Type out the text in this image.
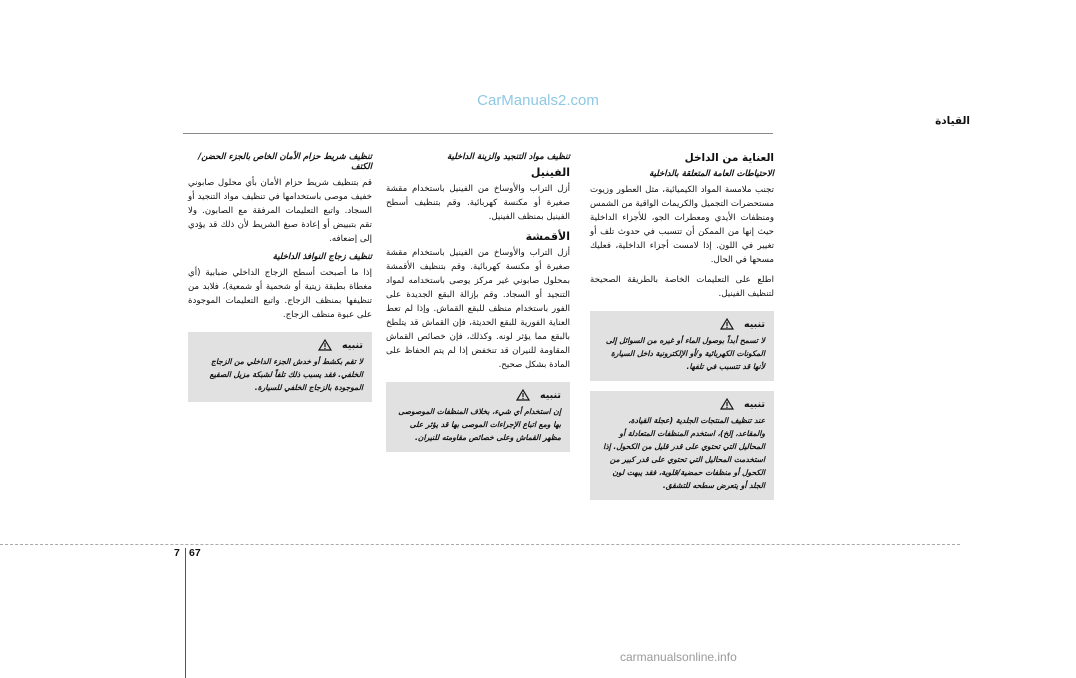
CarManuals2.com
القيادة
العناية من الداخل
الاحتياطات العامة المتعلقة بالداخلية

تجنب ملامسة المواد الكيميائية، مثل العطور وزيوت مستحضرات التجميل والكريمات الواقية من الشمس ومنظفات الأيدي ومعطرات الجو، للأجزاء الداخلية حيث إنها من الممكن أن تتسبب في حدوث تلف أو تغيير في اللون. إذا لامست أجزاء الداخلية، فعليك مسحها في الحال.

اطلع على التعليمات الخاصة بالطريقة الصحيحة لتنظيف الفينيل.

تنبيه
لا تسمح أبداً بوصول الماء أو غيره من السوائل إلى المكونات الكهربائية و/أو الإلكترونية داخل السيارة لأنها قد تتسبب في تلفها.
تنبيه
عند تنظيف المنتجات الجلدية (عجلة القيادة، والمقاعد، إلخ)، استخدم المنظفات المتعادلة أو المحاليل التي تحتوي على قدر قليل من الكحول. إذا استخدمت المحاليل التي تحتوي على قدر كبير من الكحول أو منظفات حمضية/قلوية، فقد يبهت لون الجلد أو يتعرض سطحه للتشقق.
تنظيف مواد التنجيد والزينة الداخلية
الفينيل

أزل التراب والأوساخ من الفينيل باستخدام مقشة صغيرة أو مكنسة كهربائية. وقم بتنظيف أسطح الفينيل بمنظف الفينيل.

الأقمشة

أزل التراب والأوساخ من الفينيل باستخدام مقشة صغيرة أو مكنسة كهربائية. وقم بتنظيف الأقمشة بمحلول صابوني غير مركز يوصى باستخدامه لمواد التنجيد أو السجاد. وقم بإزالة البقع الجديدة على الفور باستخدام منظف للبقع القماش. وإذا لم تعط العناية الفورية للبقع الحديثة، فإن القماش قد يتلطخ بالبقع مما يؤثر لونه. وكذلك، فإن خصائص القماش المقاومة للنيران قد تنخفض إذا لم يتم الحفاظ على المادة بشكل صحيح.

تنبيه
إن استخدام أي شيء، بخلاف المنظفات الموصوصى بها ومع اتباع الإجراءات الموصى بها قد يؤثر على مظهر القماش وعلى خصائص مقاومته للنيران.
تنظيف شريط حزام الأمان الخاص بالجزء الحضن/الكتف

قم بتنظيف شريط حزام الأمان بأي محلول صابوني خفيف موصى باستخدامها في تنظيف مواد التنجيد أو السجاد. واتبع التعليمات المرفقة مع الصابون. ولا تقم بتبييض أو إعادة صبغ الشريط لأن ذلك قد يؤدي إلى إضعافه.

تنظيف زجاج النوافذ الداخلية

إذا ما أصبحت أسطح الزجاج الداخلي ضبابية (أي مغطاة بطبقة زيتية أو شحمية أو شمعية)، فلابد من تنظيفها بمنظف الزجاج. واتبع التعليمات الموجودة على عبوة منظف الزجاج.

تنبيه
لا تقم بكشط أو خدش الجزء الداخلي من الزجاج الخلفي. فقد يسبب ذلك تلفاً لشبكة مزيل الصقيع الموجودة بالزجاج الخلفي للسيارة.
7 67
carmanualsonline.info
